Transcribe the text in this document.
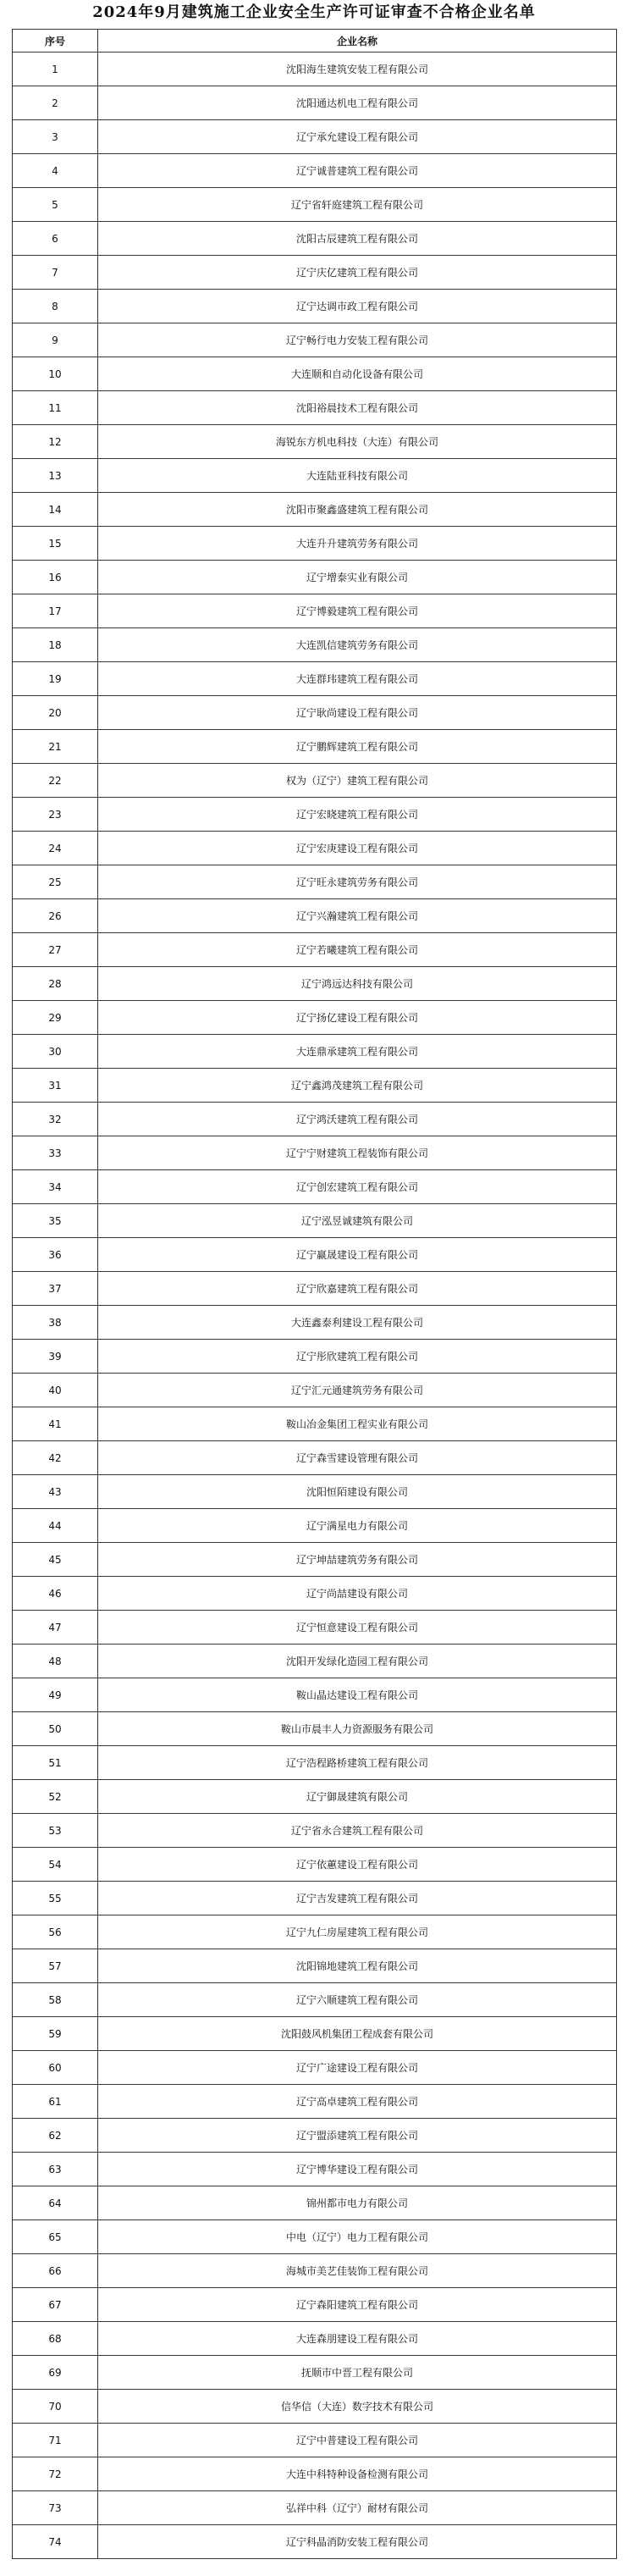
2024年9月建筑施工企业安全生产许可证审查不合格企业名单
序号	企业名称
1	沈阳海生建筑安装工程有限公司
2	沈阳通达机电工程有限公司
3	辽宁承允建设工程有限公司
4	辽宁诚普建筑工程有限公司
5	辽宁省轩庭建筑工程有限公司
6	沈阳古辰建筑工程有限公司
7	辽宁庆亿建筑工程有限公司
8	辽宁达调市政工程有限公司
9	辽宁畅行电力安装工程有限公司
10	大连顺和自动化设备有限公司
11	沈阳裕晨技术工程有限公司
12	海锐东方机电科技（大连）有限公司
13	大连陆亚科技有限公司
14	沈阳市聚鑫盛建筑工程有限公司
15	大连升升建筑劳务有限公司
16	辽宁增泰实业有限公司
17	辽宁博毅建筑工程有限公司
18	大连凯信建筑劳务有限公司
19	大连群玮建筑工程有限公司
20	辽宁耿尚建设工程有限公司
21	辽宁鹏辉建筑工程有限公司
22	权为（辽宁）建筑工程有限公司
23	辽宁宏晓建筑工程有限公司
24	辽宁宏庚建设工程有限公司
25	辽宁旺永建筑劳务有限公司
26	辽宁兴瀚建筑工程有限公司
27	辽宁若曦建筑工程有限公司
28	辽宁鸿远达科技有限公司
29	辽宁扬亿建设工程有限公司
30	大连鼎承建筑工程有限公司
31	辽宁鑫鸿茂建筑工程有限公司
32	辽宁鸿沃建筑工程有限公司
33	辽宁宁财建筑工程装饰有限公司
34	辽宁创宏建筑工程有限公司
35	辽宁泓昱诚建筑有限公司
36	辽宁赢晟建设工程有限公司
37	辽宁欣嘉建筑工程有限公司
38	大连鑫泰利建设工程有限公司
39	辽宁彤欣建筑工程有限公司
40	辽宁汇元通建筑劳务有限公司
41	鞍山冶金集团工程实业有限公司
42	辽宁森雪建设管理有限公司
43	沈阳恒陌建设有限公司
44	辽宁满星电力有限公司
45	辽宁坤喆建筑劳务有限公司
46	辽宁尚喆建设有限公司
47	辽宁恒意建设工程有限公司
48	沈阳开发绿化造园工程有限公司
49	鞍山晶达建设工程有限公司
50	鞍山市晨丰人力资源服务有限公司
51	辽宁浩程路桥建筑工程有限公司
52	辽宁御晟建筑有限公司
53	辽宁省永合建筑工程有限公司
54	辽宁依蕙建设工程有限公司
55	辽宁吉发建筑工程有限公司
56	辽宁九仁房屋建筑工程有限公司
57	沈阳锦地建筑工程有限公司
58	辽宁六顺建筑工程有限公司
59	沈阳鼓风机集团工程成套有限公司
60	辽宁广途建设工程有限公司
61	辽宁高卓建筑工程有限公司
62	辽宁盟添建筑工程有限公司
63	辽宁博华建设工程有限公司
64	锦州都市电力有限公司
65	中电（辽宁）电力工程有限公司
66	海城市美艺佳装饰工程有限公司
67	辽宁森阳建筑工程有限公司
68	大连森朋建设工程有限公司
69	抚顺市中晋工程有限公司
70	信华信（大连）数字技术有限公司
71	辽宁中普建设工程有限公司
72	大连中科特种设备检测有限公司
73	弘祥中科（辽宁）耐材有限公司
74	辽宁科晶消防安装工程有限公司
